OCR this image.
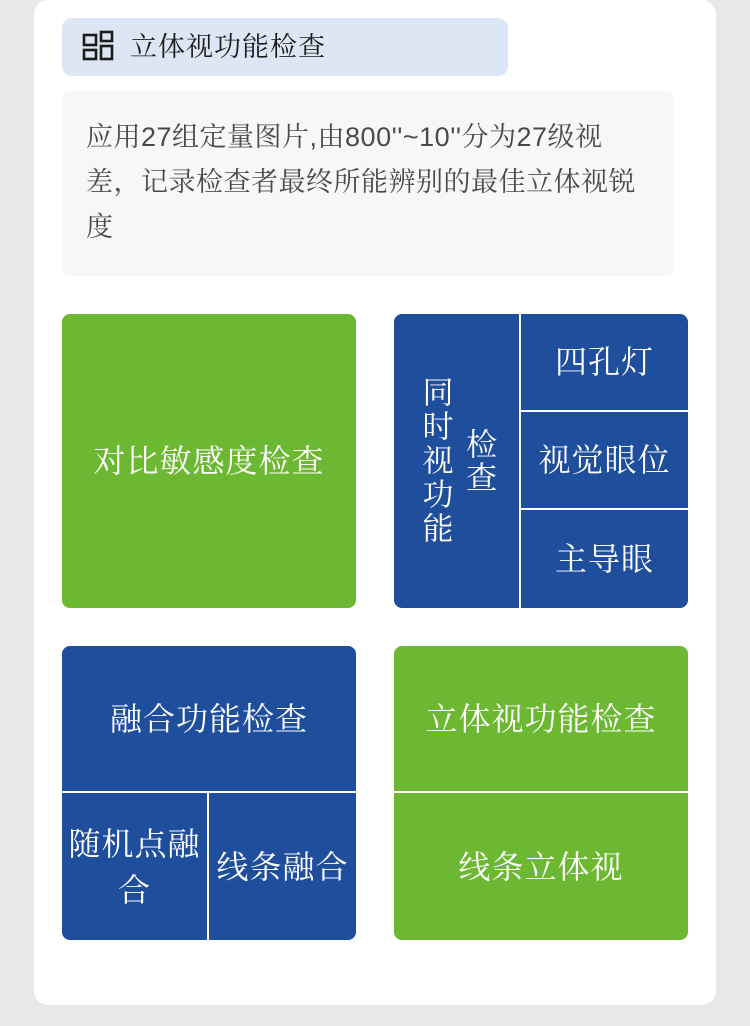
立体视功能检查
应用27组定量图片,由800''~10''分为27级视差，记录检查者最终所能辨别的最佳立体视锐度
对比敏感度检查	同时视功能 检查
四孔灯
视觉眼位
主导眼
融合功能检查
随机点融合
线条融合
立体视功能检查
线条立体视
